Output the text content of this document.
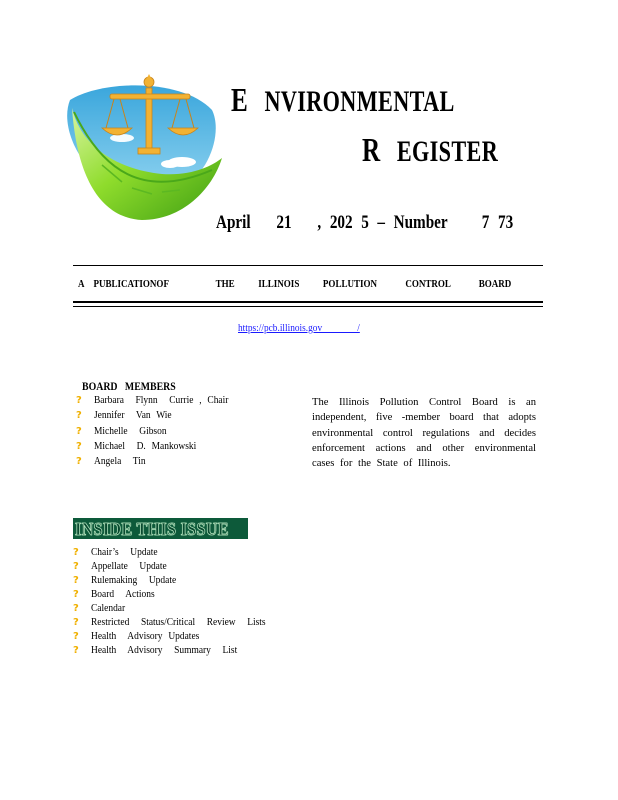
E NVIRONMENTAL
R EGISTER
April   21   , 202 5 – Number    7 73
A  PUBLICATIONOF          THE     ILLINOIS     POLLUTION      CONTROL      BOARD
https://pcb.illinois.gov               /
BOARD   MEMBERS
? Barbara  Flynn  Currie , Chair
? Jennifer  Van Wie
? Michelle  Gibson
? Michael  D. Mankowski
? Angela  Tin

The Illinois Pollution Control Board is an independent, five -member board that adopts environmental control regulations and decides enforcement actions and other environmental cases for the State of Illinois.

INSIDE THIS ISSUE
? Chair’s  Update
? Appellate  Update
? Rulemaking  Update
? Board  Actions
? Calendar
? Restricted  Status/Critical  Review  Lists
? Health  Advisory Updates
? Health  Advisory  Summary  List
